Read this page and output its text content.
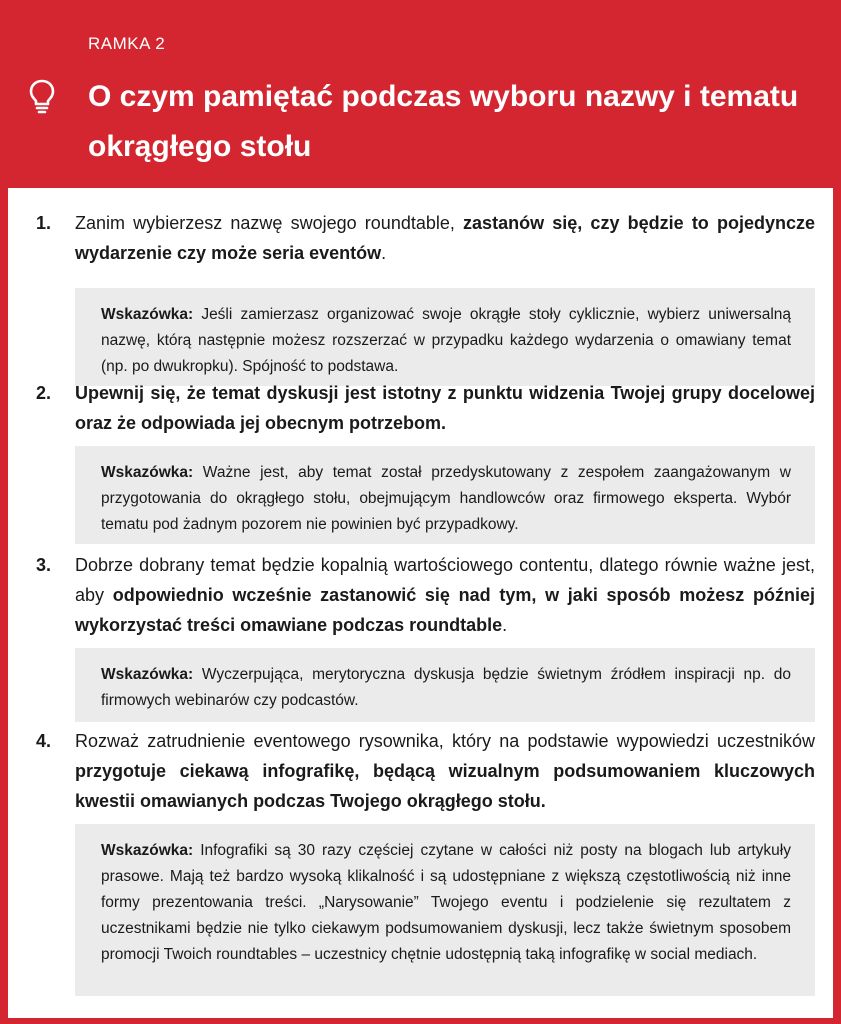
RAMKA 2
O czym pamiętać podczas wyboru nazwy i tematu okrągłego stołu
1. Zanim wybierzesz nazwę swojego roundtable, zastanów się, czy będzie to pojedyncze wydarzenie czy może seria eventów.

Wskazówka: Jeśli zamierzasz organizować swoje okrągłe stoły cyklicznie, wybierz uniwersalną nazwę, którą następnie możesz rozszerzać w przypadku każdego wydarzenia o omawiany temat (np. po dwukropku). Spójność to podstawa.
2. Upewnij się, że temat dyskusji jest istotny z punktu widzenia Twojej grupy docelowej oraz że odpowiada jej obecnym potrzebom.

Wskazówka: Ważne jest, aby temat został przedyskutowany z zespołem zaangażowanym w przygotowania do okrągłego stołu, obejmującym handlowców oraz firmowego eksperta. Wybór tematu pod żadnym pozorem nie powinien być przypadkowy.
3. Dobrze dobrany temat będzie kopalnią wartościowego contentu, dlatego równie ważne jest, aby odpowiednio wcześnie zastanowić się nad tym, w jaki sposób możesz później wykorzystać treści omawiane podczas roundtable.

Wskazówka: Wyczerpująca, merytoryczna dyskusja będzie świetnym źródłem inspiracji np. do firmowych webinarów czy podcastów.
4. Rozważ zatrudnienie eventowego rysownika, który na podstawie wypowiedzi uczestników przygotuje ciekawą infografikę, będącą wizualnym podsumowaniem kluczowych kwestii omawianych podczas Twojego okrągłego stołu.

Wskazówka: Infografiki są 30 razy częściej czytane w całości niż posty na blogach lub artykuły prasowe. Mają też bardzo wysoką klikalność i są udostępniane z większą częstotliwością niż inne formy prezentowania treści. „Narysowanie” Twojego eventu i podzielenie się rezultatem z uczestnikami będzie nie tylko ciekawym podsumowaniem dyskusji, lecz także świetnym sposobem promocji Twoich roundtables – uczestnicy chętnie udostępnią taką infografikę w social mediach.
